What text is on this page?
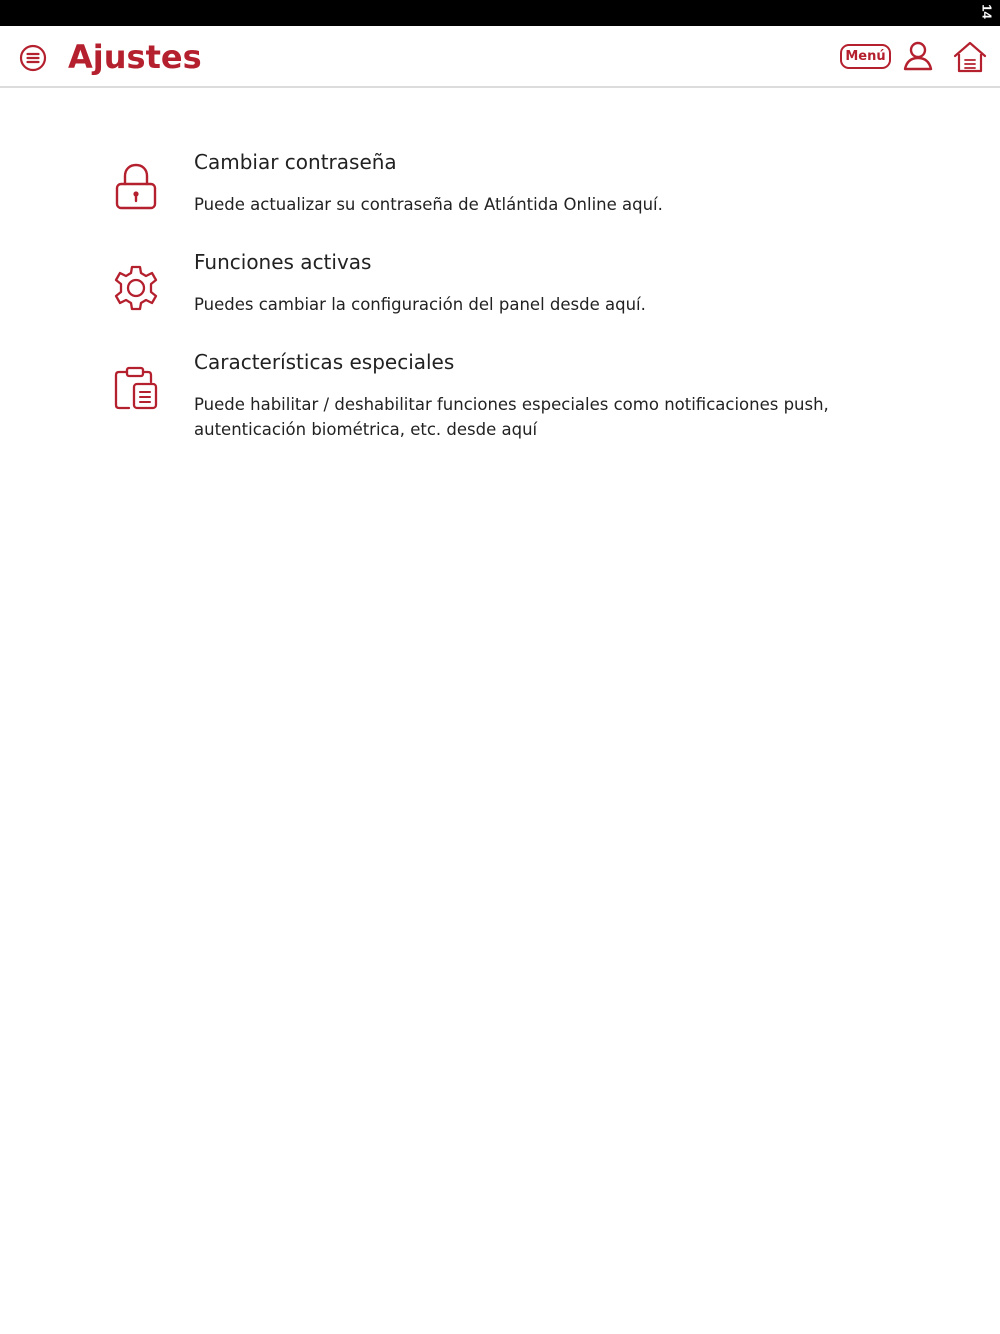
14
Ajustes	Menú
Cambiar contraseña
Puede actualizar su contraseña de Atlántida Online aquí.
Funciones activas
Puedes cambiar la configuración del panel desde aquí.
Características especiales
Puede habilitar / deshabilitar funciones especiales como notificaciones push, autenticación biométrica, etc. desde aquí
